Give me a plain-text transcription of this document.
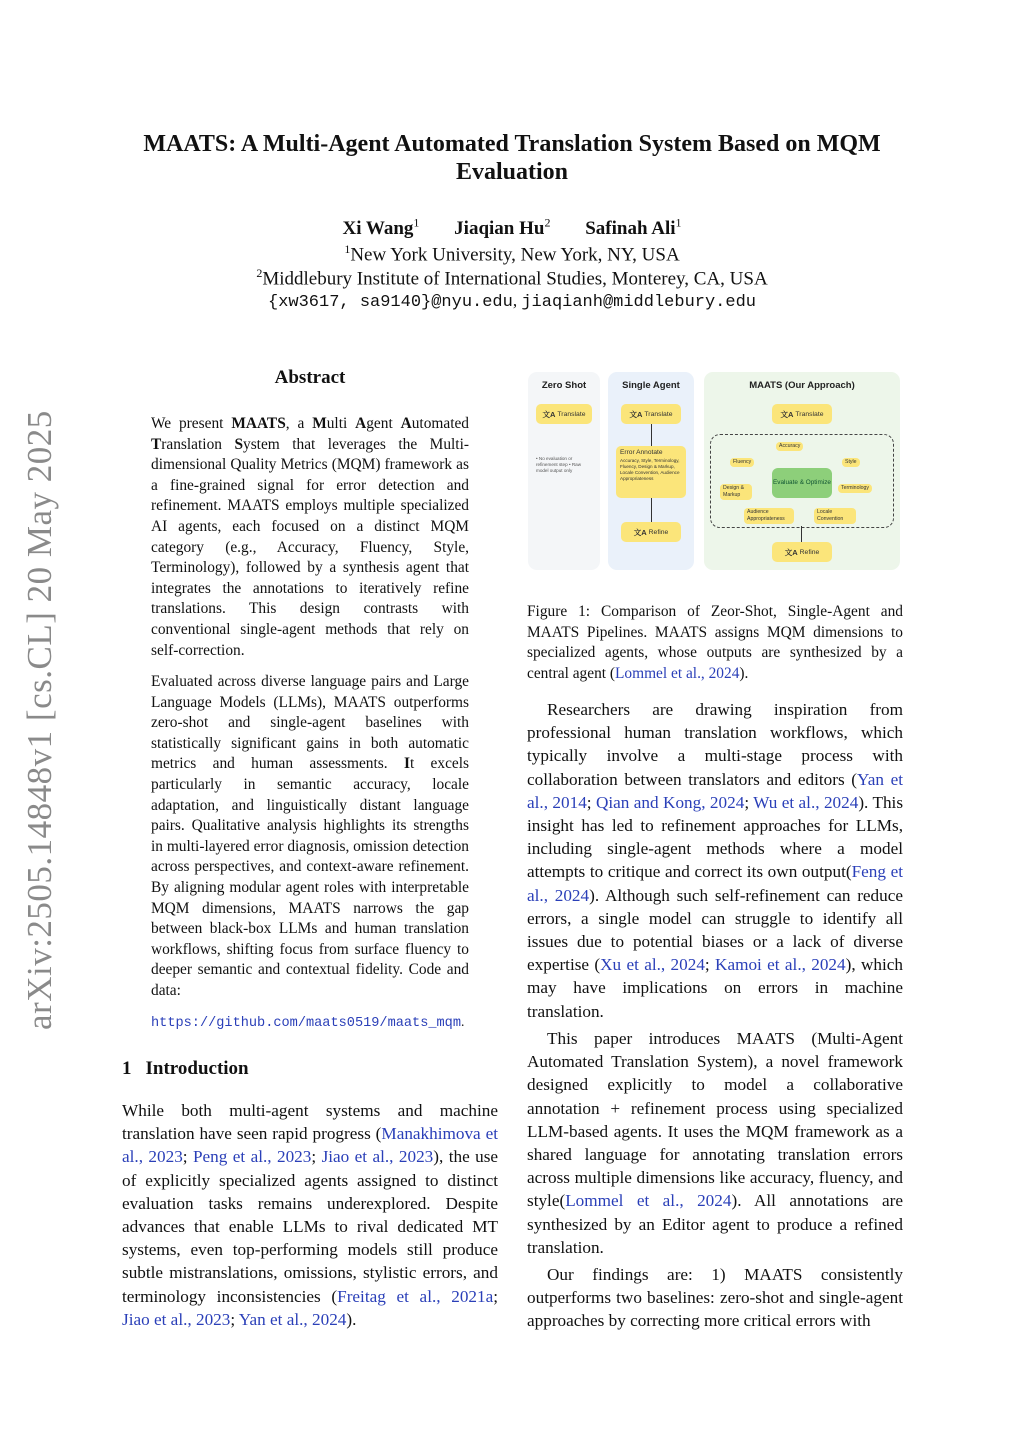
arXiv:2505.14848v1 [cs.CL] 20 May 2025
MAATS: A Multi-Agent Automated Translation System Based on MQM Evaluation
Xi Wang$^1$ Jiaqian Hu$^2$ Safinah Ali$^1$
$^1$New York University, New York, NY, USA
$^2$Middlebury Institute of International Studies, Monterey, CA, USA
{xw3617, sa9140}@nyu.edu, jiaqianh@middlebury.edu
Abstract

We present MAATS, a Multi Agent Automated Translation System that leverages the Multi-dimensional Quality Metrics (MQM) framework as a fine-grained signal for error detection and refinement. MAATS employs multiple specialized AI agents, each focused on a distinct MQM category (e.g., Accuracy, Fluency, Style, Terminology), followed by a synthesis agent that integrates the annotations to iteratively refine translations. This design contrasts with conventional single-agent methods that rely on self-correction.

Evaluated across diverse language pairs and Large Language Models (LLMs), MAATS outperforms zero-shot and single-agent baselines with statistically significant gains in both automatic metrics and human assessments. It excels particularly in semantic accuracy, locale adaptation, and linguistically distant language pairs. Qualitative analysis highlights its strengths in multi-layered error diagnosis, omission detection across perspectives, and context-aware refinement. By aligning modular agent roles with interpretable MQM dimensions, MAATS narrows the gap between black-box LLMs and human translation workflows, shifting focus from surface fluency to deeper semantic and contextual fidelity. Code and data:

https://github.com/maats0519/maats_mqm.
1 Introduction

While both multi-agent systems and machine translation have seen rapid progress (Manakhimova et al., 2023; Peng et al., 2023; Jiao et al., 2023), the use of explicitly specialized agents assigned to distinct evaluation tasks remains underexplored. Despite advances that enable LLMs to rival dedicated MT systems, even top-performing models still produce subtle mistranslations, omissions, stylistic errors, and terminology inconsistencies (Freitag et al., 2021a; Jiao et al., 2023; Yan et al., 2024).

Zero Shot
文A Translate
• No evaluation or refinement step • Raw model output only
Single Agent
文A Translate
Error Annotate
Accuracy, Style, Terminology, Fluency, Design & Markup, Locale Convention, Audience Appropriateness
文A Refine
MAATS (Our Approach)
文A Translate
Accuracy
Fluency	Style
Design & Markup
Terminology
Audience Appropriateness
Locale Convention
Evaluate & Optimize
文A Refine

Figure 1: Comparison of Zeor-Shot, Single-Agent and MAATS Pipelines. MAATS assigns MQM dimensions to specialized agents, whose outputs are synthesized by a central agent (Lommel et al., 2024).

Researchers are drawing inspiration from professional human translation workflows, which typically involve a multi-stage process with collaboration between translators and editors (Yan et al., 2014; Qian and Kong, 2024; Wu et al., 2024). This insight has led to refinement approaches for LLMs, including single-agent methods where a model attempts to critique and correct its own output(Feng et al., 2024). Although such self-refinement can reduce errors, a single model can struggle to identify all issues due to potential biases or a lack of diverse expertise (Xu et al., 2024; Kamoi et al., 2024), which may have implications on errors in machine translation.

This paper introduces MAATS (Multi-Agent Automated Translation System), a novel framework designed explicitly to model a collaborative annotation + refinement process using specialized LLM-based agents. It uses the MQM framework as a shared language for annotating translation errors across multiple dimensions like accuracy, fluency, and style(Lommel et al., 2024). All annotations are synthesized by an Editor agent to produce a refined translation.

Our findings are: 1) MAATS consistently outperforms two baselines: zero-shot and single-agent approaches by correcting more critical errors with
